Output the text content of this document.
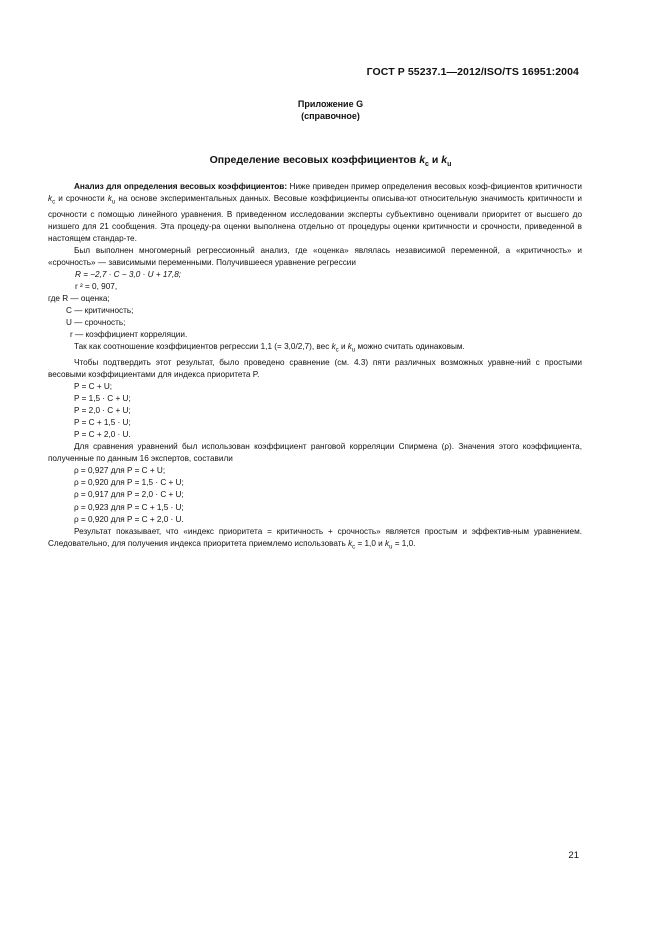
ГОСТ Р 55237.1—2012/ISO/TS 16951:2004
Приложение G
(справочное)
Определение весовых коэффициентов $k_c$ и $k_u$

Анализ для определения весовых коэффициентов: Ниже приведен пример определения весовых коэф-фициентов критичности $k_c$ и срочности $k_u$ на основе экспериментальных данных. Весовые коэффициенты описыва-ют относительную значимость критичности и срочности с помощью линейного уравнения. В приведенном исследовании эксперты субъективно оценивали приоритет от высшего до низшего для 21 сообщения. Эта процеду-ра оценки выполнена отдельно от процедуры оценки критичности и срочности, приведенной в настоящем стандар-те.

Был выполнен многомерный регрессионный анализ, где «оценка» являлась независимой переменной, а «критичность» и «срочность» — зависимыми переменными. Получившееся уравнение регрессии

R = −2,7 · C − 3,0 · U + 17,8;

r ² = 0, 907,

где R — оценка;

C — критичность;

U — срочность;

r — коэффициент корреляции.

Так как соотношение коэффициентов регрессии 1,1 (= 3,0/2,7), вес $k_c$ и $k_u$ можно считать одинаковым.

Чтобы подтвердить этот результат, было проведено сравнение (см. 4.3) пяти различных возможных уравне-ний с простыми весовыми коэффициентами для индекса приоритета P.

P = C + U;

P = 1,5 · C + U;

P = 2,0 · C + U;

P = C + 1,5 · U;

P = C + 2,0 · U.

Для сравнения уравнений был использован коэффициент ранговой корреляции Спирмена (ρ). Значения этого коэффициента, полученные по данным 16 экспертов, составили

ρ = 0,927 для P = C + U;

ρ = 0,920 для P = 1,5 · C + U;

ρ = 0,917 для P = 2,0 · C + U;

ρ = 0,923 для P = C + 1,5 · U;

ρ = 0,920 для P = C + 2,0 · U.

Результат показывает, что «индекс приоритета = критичность + срочность» является простым и эффектив-ным уравнением. Следовательно, для получения индекса приоритета приемлемо использовать $k_c = 1,0$ и $k_u = 1,0$.

21
